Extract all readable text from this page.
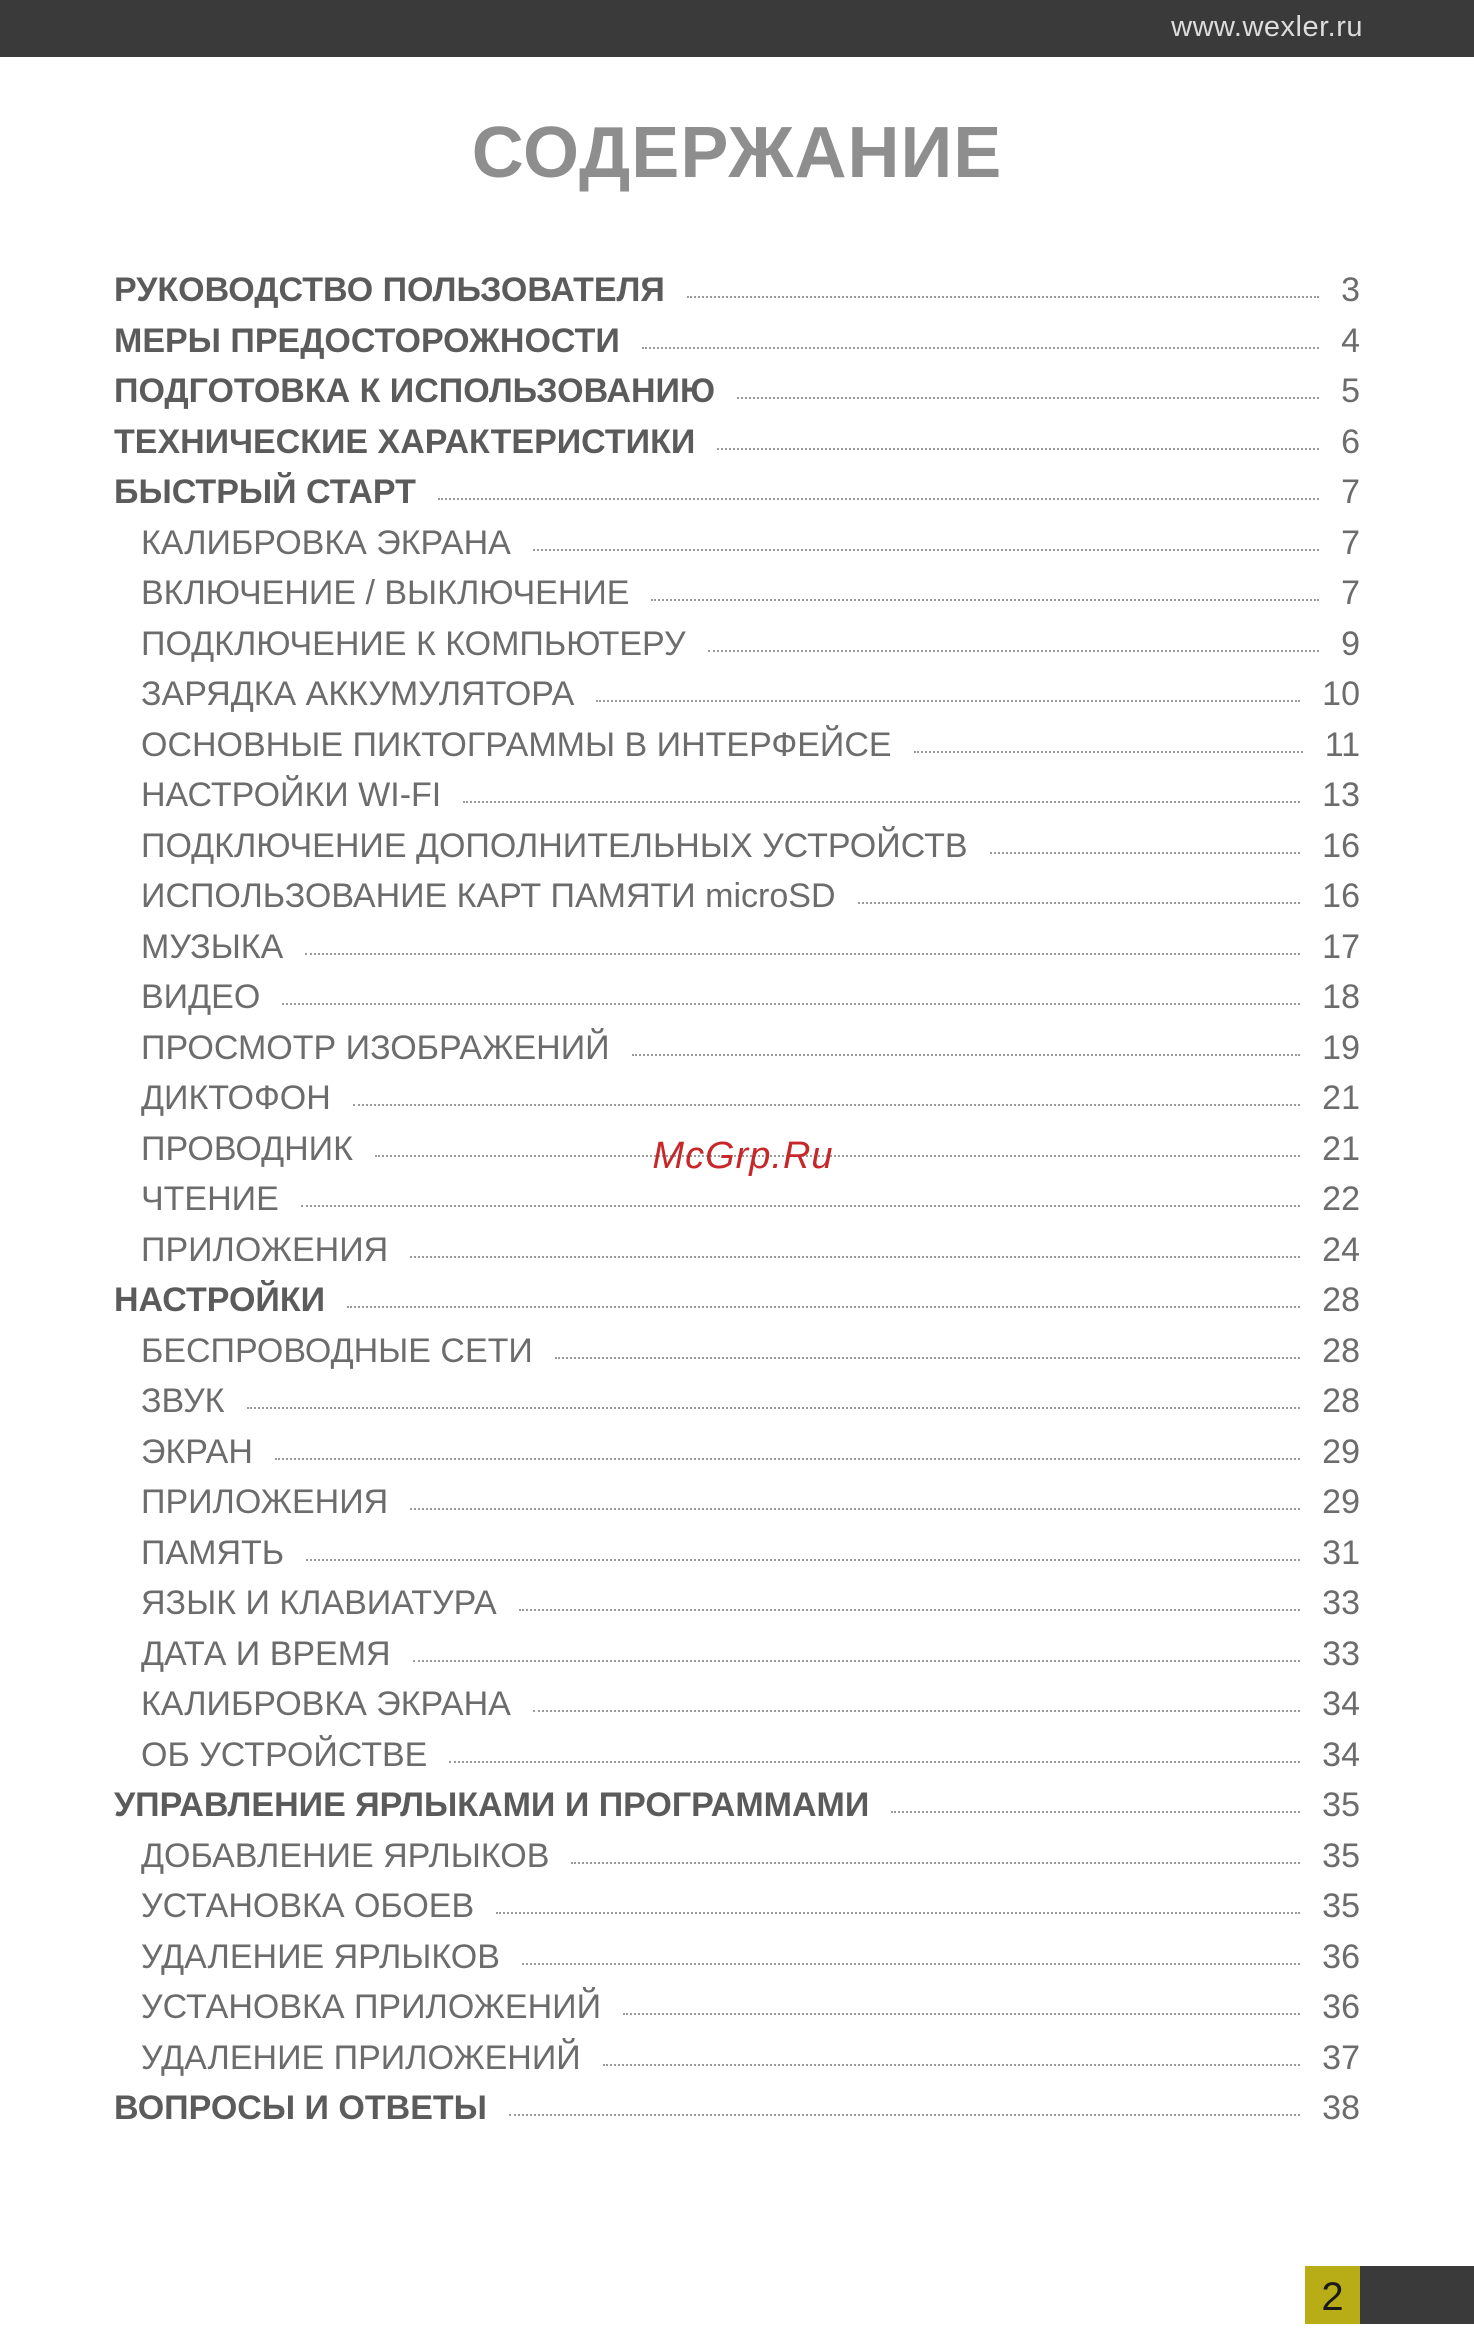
www.wexler.ru
СОДЕРЖАНИЕ
РУКОВОДСТВО ПОЛЬЗОВАТЕЛЯ	3
МЕРЫ ПРЕДОСТОРОЖНОСТИ	4
ПОДГОТОВКА К ИСПОЛЬЗОВАНИЮ	5
ТЕХНИЧЕСКИЕ ХАРАКТЕРИСТИКИ	6
БЫСТРЫЙ СТАРТ	7
КАЛИБРОВКА ЭКРАНА	7
ВКЛЮЧЕНИЕ / ВЫКЛЮЧЕНИЕ	7
ПОДКЛЮЧЕНИЕ К КОМПЬЮТЕРУ	9
ЗАРЯДКА АККУМУЛЯТОРА	10
ОСНОВНЫЕ ПИКТОГРАММЫ В ИНТЕРФЕЙСЕ	11
НАСТРОЙКИ WI-FI	13
ПОДКЛЮЧЕНИЕ ДОПОЛНИТЕЛЬНЫХ УСТРОЙСТВ	16
ИСПОЛЬЗОВАНИЕ КАРТ ПАМЯТИ microSD	16
МУЗЫКА	17
ВИДЕО	18
ПРОСМОТР ИЗОБРАЖЕНИЙ	19
ДИКТОФОН	21
ПРОВОДНИК	21
ЧТЕНИЕ	22
ПРИЛОЖЕНИЯ	24
НАСТРОЙКИ	28
БЕСПРОВОДНЫЕ СЕТИ	28
ЗВУК	28
ЭКРАН	29
ПРИЛОЖЕНИЯ	29
ПАМЯТЬ	31
ЯЗЫК И КЛАВИАТУРА	33
ДАТА И ВРЕМЯ	33
КАЛИБРОВКА ЭКРАНА	34
ОБ УСТРОЙСТВЕ	34
УПРАВЛЕНИЕ ЯРЛЫКАМИ И ПРОГРАММАМИ	35
ДОБАВЛЕНИЕ ЯРЛЫКОВ	35
УСТАНОВКА ОБОЕВ	35
УДАЛЕНИЕ ЯРЛЫКОВ	36
УСТАНОВКА ПРИЛОЖЕНИЙ	36
УДАЛЕНИЕ ПРИЛОЖЕНИЙ	37
ВОПРОСЫ И ОТВЕТЫ	38
McGrp.Ru
2
